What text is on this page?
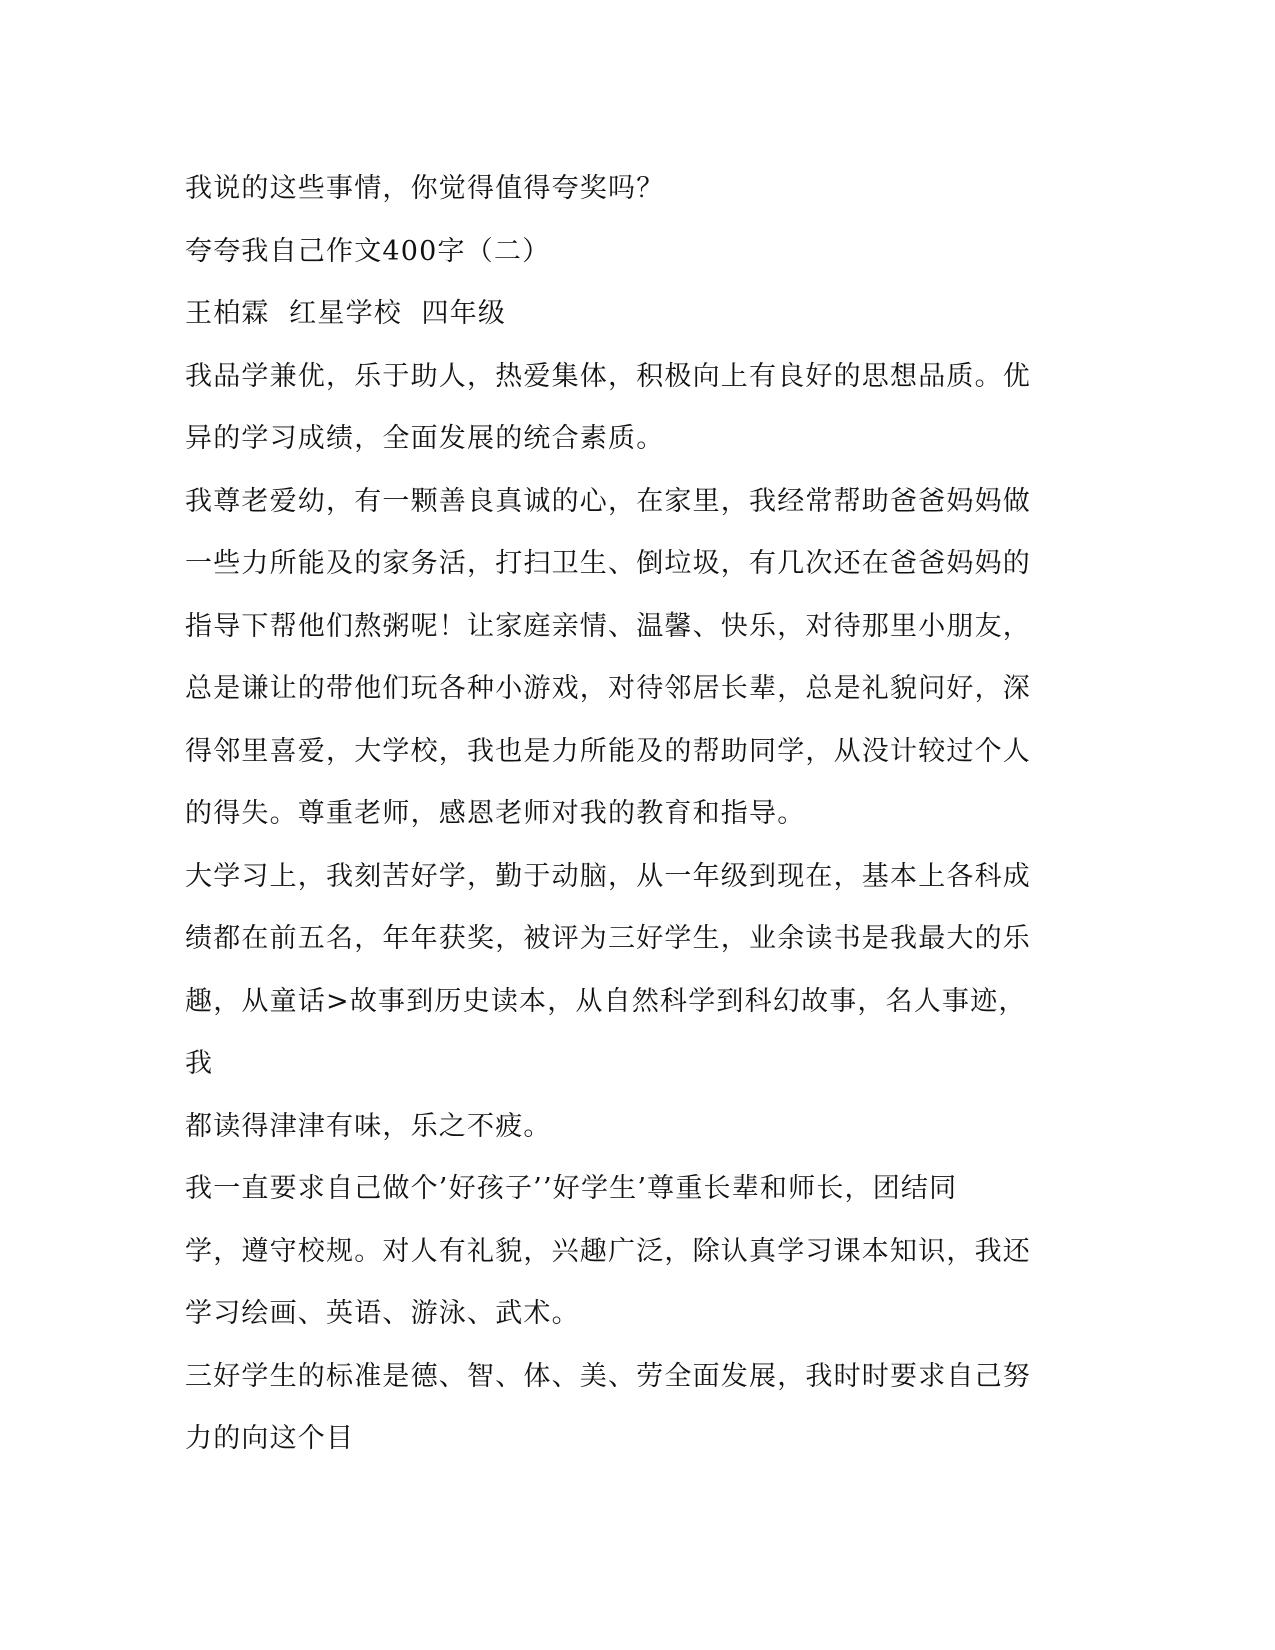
我说的这些事情，你觉得值得夸奖吗？

夸夸我自己作文400字（二）

王柏霖  红星学校  四年级

我品学兼优，乐于助人，热爱集体，积极向上有良好的思想品质。优

异的学习成绩，全面发展的统合素质。

我尊老爱幼，有一颗善良真诚的心，在家里，我经常帮助爸爸妈妈做

一些力所能及的家务活，打扫卫生、倒垃圾，有几次还在爸爸妈妈的

指导下帮他们熬粥呢！让家庭亲情、温馨、快乐，对待那里小朋友，

总是谦让的带他们玩各种小游戏，对待邻居长辈，总是礼貌问好，深

得邻里喜爱，大学校，我也是力所能及的帮助同学，从没计较过个人

的得失。尊重老师，感恩老师对我的教育和指导。

大学习上，我刻苦好学，勤于动脑，从一年级到现在，基本上各科成

绩都在前五名，年年获奖，被评为三好学生，业余读书是我最大的乐

趣，从童话>故事到历史读本，从自然科学到科幻故事，名人事迹，我

都读得津津有味，乐之不疲。

我一直要求自己做个’好孩子’’好学生’尊重长辈和师长，团结同

学，遵守校规。对人有礼貌，兴趣广泛，除认真学习课本知识，我还

学习绘画、英语、游泳、武术。

三好学生的标准是德、智、体、美、劳全面发展，我时时要求自己努

力的向这个目
